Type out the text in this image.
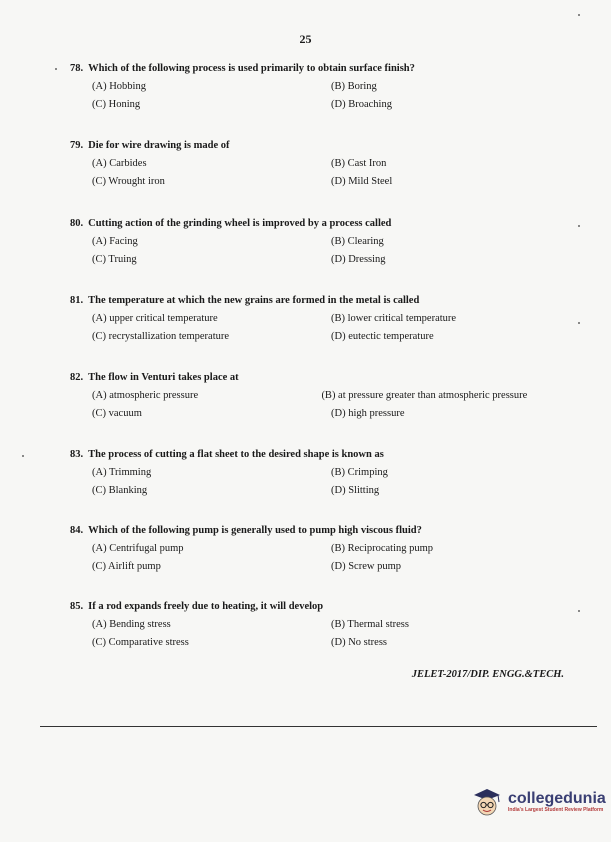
25
78. Which of the following process is used primarily to obtain surface finish?
(A) Hobbing	(B) Boring
(C) Honing	(D) Broaching
79. Die for wire drawing is made of
(A) Carbides	(B) Cast Iron
(C) Wrought iron	(D) Mild Steel
80. Cutting action of the grinding wheel is improved by a process called
(A) Facing	(B) Clearing
(C) Truing	(D) Dressing
81. The temperature at which the new grains are formed in the metal is called
(A) upper critical temperature	(B) lower critical temperature
(C) recrystallization temperature	(D) eutectic temperature
82. The flow in Venturi takes place at
(A) atmospheric pressure	(B) at pressure greater than atmospheric pressure
(C) vacuum	(D) high pressure
83. The process of cutting a flat sheet to the desired shape is known as
(A) Trimming	(B) Crimping
(C) Blanking	(D) Slitting
84. Which of the following pump is generally used to pump high viscous fluid?
(A) Centrifugal pump	(B) Reciprocating pump
(C) Airlift pump	(D) Screw pump
85. If a rod expands freely due to heating, it will develop
(A) Bending stress	(B) Thermal stress
(C) Comparative stress	(D) No stress
JELET-2017/DIP. ENGG.&TECH.
collegedunia
India's Largest Student Review Platform
